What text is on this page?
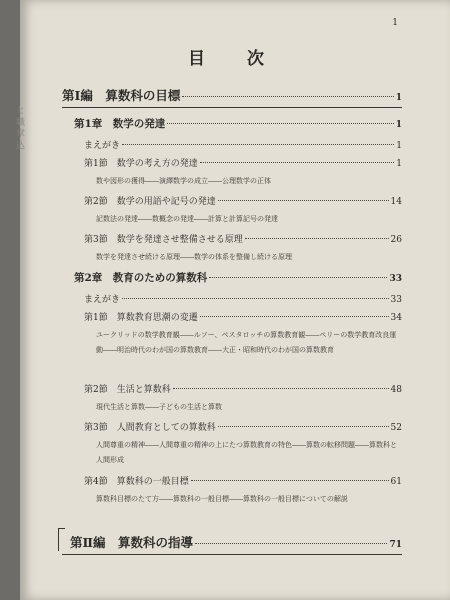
と 職 掌 込
1
目 次
第Ⅰ編　算数科の目標	1
第1章　数学の発達	1
まえがき	1
第1節　数学の考え方の発達	1
数や図形の獲得――演繹数学の成立――公理数学の正体
第2節　数学の用語や記号の発達	14
記数法の発達――数概念の発達――計算と計算記号の発達
第3節　数学を発達させ整備させる原理	26
数学を発達させ続ける原理――数学の体系を整備し続ける原理
第2章　教育のための算数科	33
まえがき	33
第1節　算数教育思潮の変遷	34
ユークリッドの数学教育観――ルソー、ペスタロッチの算数教育観――ペリーの数学教育改良運動――明治時代のわが国の算数教育――大正・昭和時代のわが国の算数教育
第2節　生活と算数科	48
現代生活と算数――子どもの生活と算数
第3節　人間教育としての算数科	52
人間尊重の精神――人間尊重の精神の上にたつ算数教育の特色――算数の転移問題――算数科と人間形成
第4節　算数科の一般目標	61
算数科目標のたて方――算数科の一般目標――算数科の一般目標についての解説
第Ⅱ編　算数科の指導	71
